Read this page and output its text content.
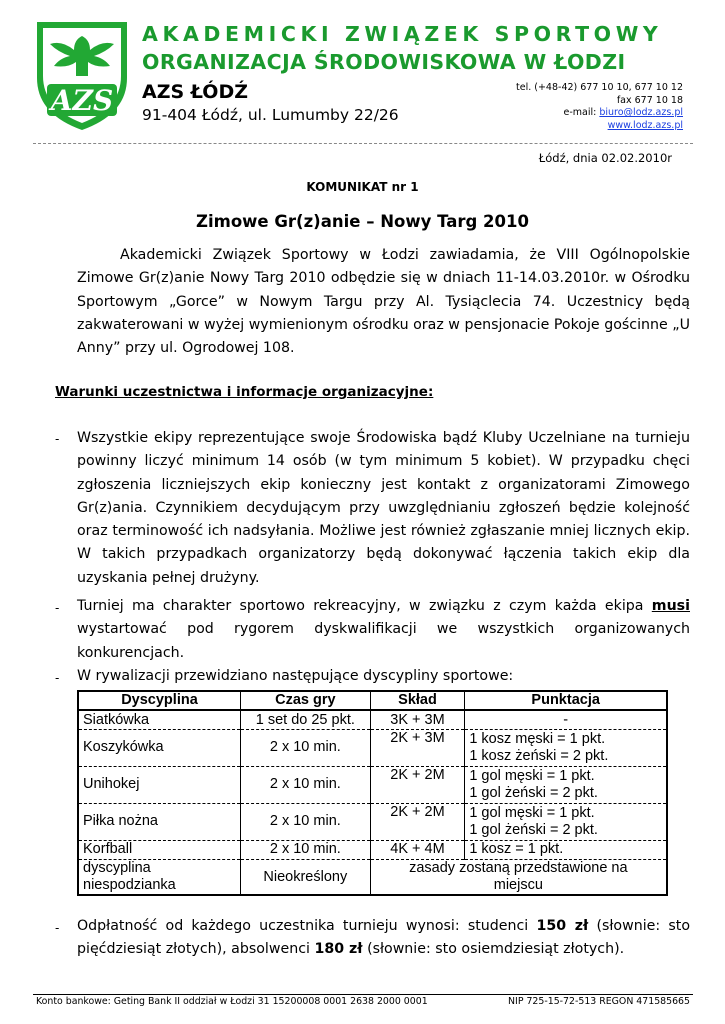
AZS
AKADEMICKI ZWIĄZEK SPORTOWY
ORGANIZACJA ŚRODOWISKOWA W ŁODZI
AZS ŁÓDŹ
91-404 Łódź, ul. Lumumby 22/26
tel. (+48-42) 677 10 10, 677 10 12
fax 677 10 18
e-mail: biuro@lodz.azs.pl
www.lodz.azs.pl
Łódź, dnia 02.02.2010r
KOMUNIKAT nr 1
Zimowe Gr(z)anie – Nowy Targ 2010
Akademicki Związek Sportowy w Łodzi zawiadamia, że VIII Ogólnopolskie Zimowe Gr(z)anie Nowy Targ 2010 odbędzie się w dniach 11-14.03.2010r. w Ośrodku Sportowym „Gorce” w Nowym Targu przy Al. Tysiąclecia 74. Uczestnicy będą zakwaterowani w wyżej wymienionym ośrodku oraz w pensjonacie Pokoje gościnne „U Anny” przy ul. Ogrodowej 108.
Warunki uczestnictwa i informacje organizacyjne:
- Wszystkie ekipy reprezentujące swoje Środowiska bądź Kluby Uczelniane na turnieju powinny liczyć minimum 14 osób (w tym minimum 5 kobiet). W przypadku chęci zgłoszenia liczniejszych ekip konieczny jest kontakt z organizatorami Zimowego Gr(z)ania. Czynnikiem decydującym przy uwzględnianiu zgłoszeń będzie kolejność oraz terminowość ich nadsyłania. Możliwe jest również zgłaszanie mniej licznych ekip. W takich przypadkach organizatorzy będą dokonywać łączenia takich ekip dla uzyskania pełnej drużyny.
- Turniej ma charakter sportowo rekreacyjny, w związku z czym każda ekipa musi wystartować pod rygorem dyskwalifikacji we wszystkich organizowanych konkurencjach.
- W rywalizacji przewidziano następujące dyscypliny sportowe:
Dyscyplina	Czas gry	Skład	Punktacja
Siatkówka	1 set do 25 pkt.	3K + 3M	-
Koszykówka	2 x 10 min.	2K + 3M	1 kosz męski = 1 pkt.
1 kosz żeński = 2 pkt.

Unihokej	2 x 10 min.	2K + 2M	1 gol męski = 1 pkt.
1 gol żeński = 2 pkt.

Piłka nożna	2 x 10 min.	2K + 2M	1 gol męski = 1 pkt.
1 gol żeński = 2 pkt.

Korfball	2 x 10 min.	4K + 4M	1 kosz = 1 pkt.

dyscyplina
niespodzianka	Nieokreślony	zasady zostaną przedstawione na miejscu	
- Odpłatność od każdego uczestnika turnieju wynosi: studenci 150 zł (słownie: sto pięćdziesiąt złotych), absolwenci 180 zł (słownie: sto osiemdziesiąt złotych).
Konto bankowe: Geting Bank II oddział w Łodzi 31 15200008 0001 2638 2000 0001	NIP 725-15-72-513 REGON 471585665
